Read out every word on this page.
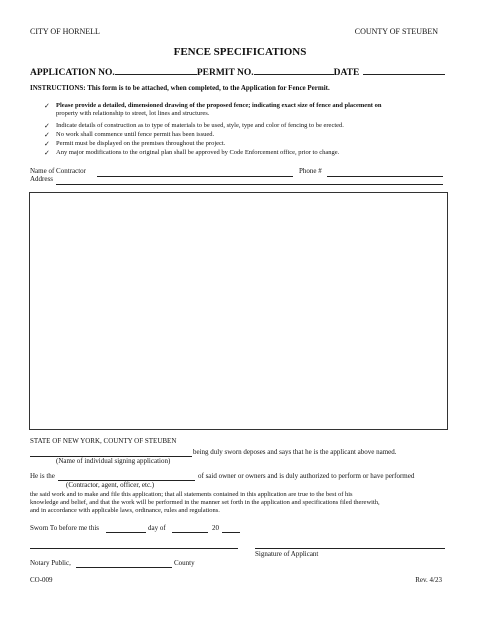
CITY OF HORNELL	COUNTY OF STEUBEN
FENCE SPECIFICATIONS
APPLICATION NO.	PERMIT NO.	DATE
INSTRUCTIONS: This form is to be attached, when completed, to the Application for Fence Permit.
✓ Please provide a detailed, dimensioned drawing of the proposed fence; indicating exact size of fence and placement on
property with relationship to street, lot lines and structures.
✓ Indicate details of construction as to type of materials to be used, style, type and color of fencing to be erected.
✓No work shall commence until fence permit has been issued.
✓ Permit must be displayed on the premises throughout the project.
✓ Any major modifications to the original plan shall be approved by Code Enforcement office, prior to change.
Name of Contractor	Phone #
Address
STATE OF NEW YORK, COUNTY OF STEUBEN
being duly sworn deposes and says that he is the applicant above named.
(Name of individual signing application)
He is the	of said owner or owners and is duly authorized to perform or have performed
(Contractor, agent, officer, etc.)
the said work and to make and file this application; that all statements contained in this application are true to the best of his
knowledge and belief, and that the work will be performed in the manner set forth in the application and specifications filed therewith,
and in accordance with applicable laws, ordinance, rules and regulations.
Sworn To before me this	day of	20
Signature of Applicant
Notary Public,	County
CO-009	Rev. 4/23
